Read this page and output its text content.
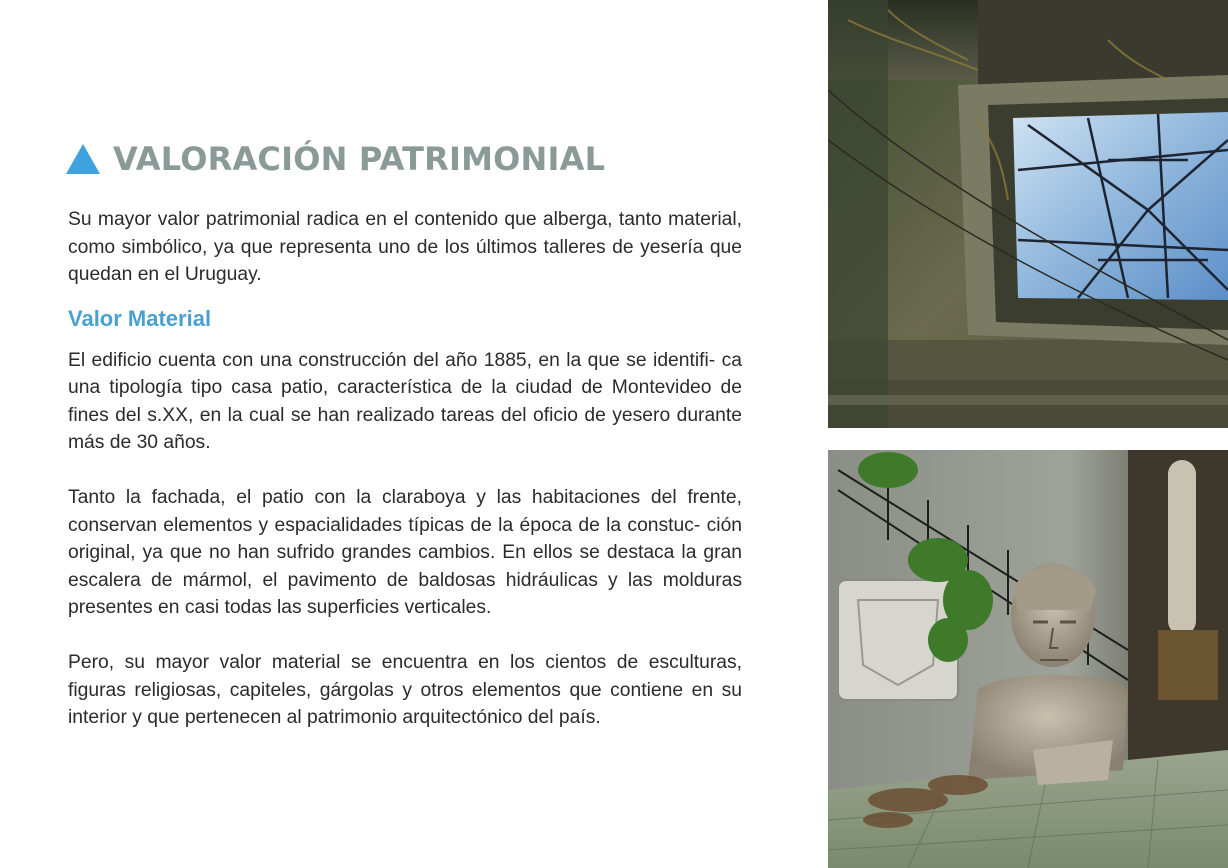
VALORACIÓN PATRIMONIAL

Su mayor valor patrimonial radica en el contenido que alberga, tanto material, como simbólico, ya que representa uno de los últimos talleres de yesería que quedan en el Uruguay.

Valor Material

El edificio cuenta con una construcción del año 1885, en la que se identifi- ca una tipología tipo casa patio, característica de la ciudad de Montevideo de fines del s.XX, en la cual se han realizado tareas del oficio de yesero durante más de 30 años.

Tanto la fachada, el patio con la claraboya y las habitaciones del frente, conservan elementos y espacialidades típicas de la época de la constuc- ción original, ya que no han sufrido grandes cambios. En ellos se destaca la gran escalera de mármol, el pavimento de baldosas hidráulicas y las molduras presentes en casi todas las superficies verticales.

Pero, su mayor valor material se encuentra en los cientos de esculturas, figuras religiosas, capiteles, gárgolas y otros elementos que contiene en su interior y que pertenecen al patrimonio arquitectónico del país.
